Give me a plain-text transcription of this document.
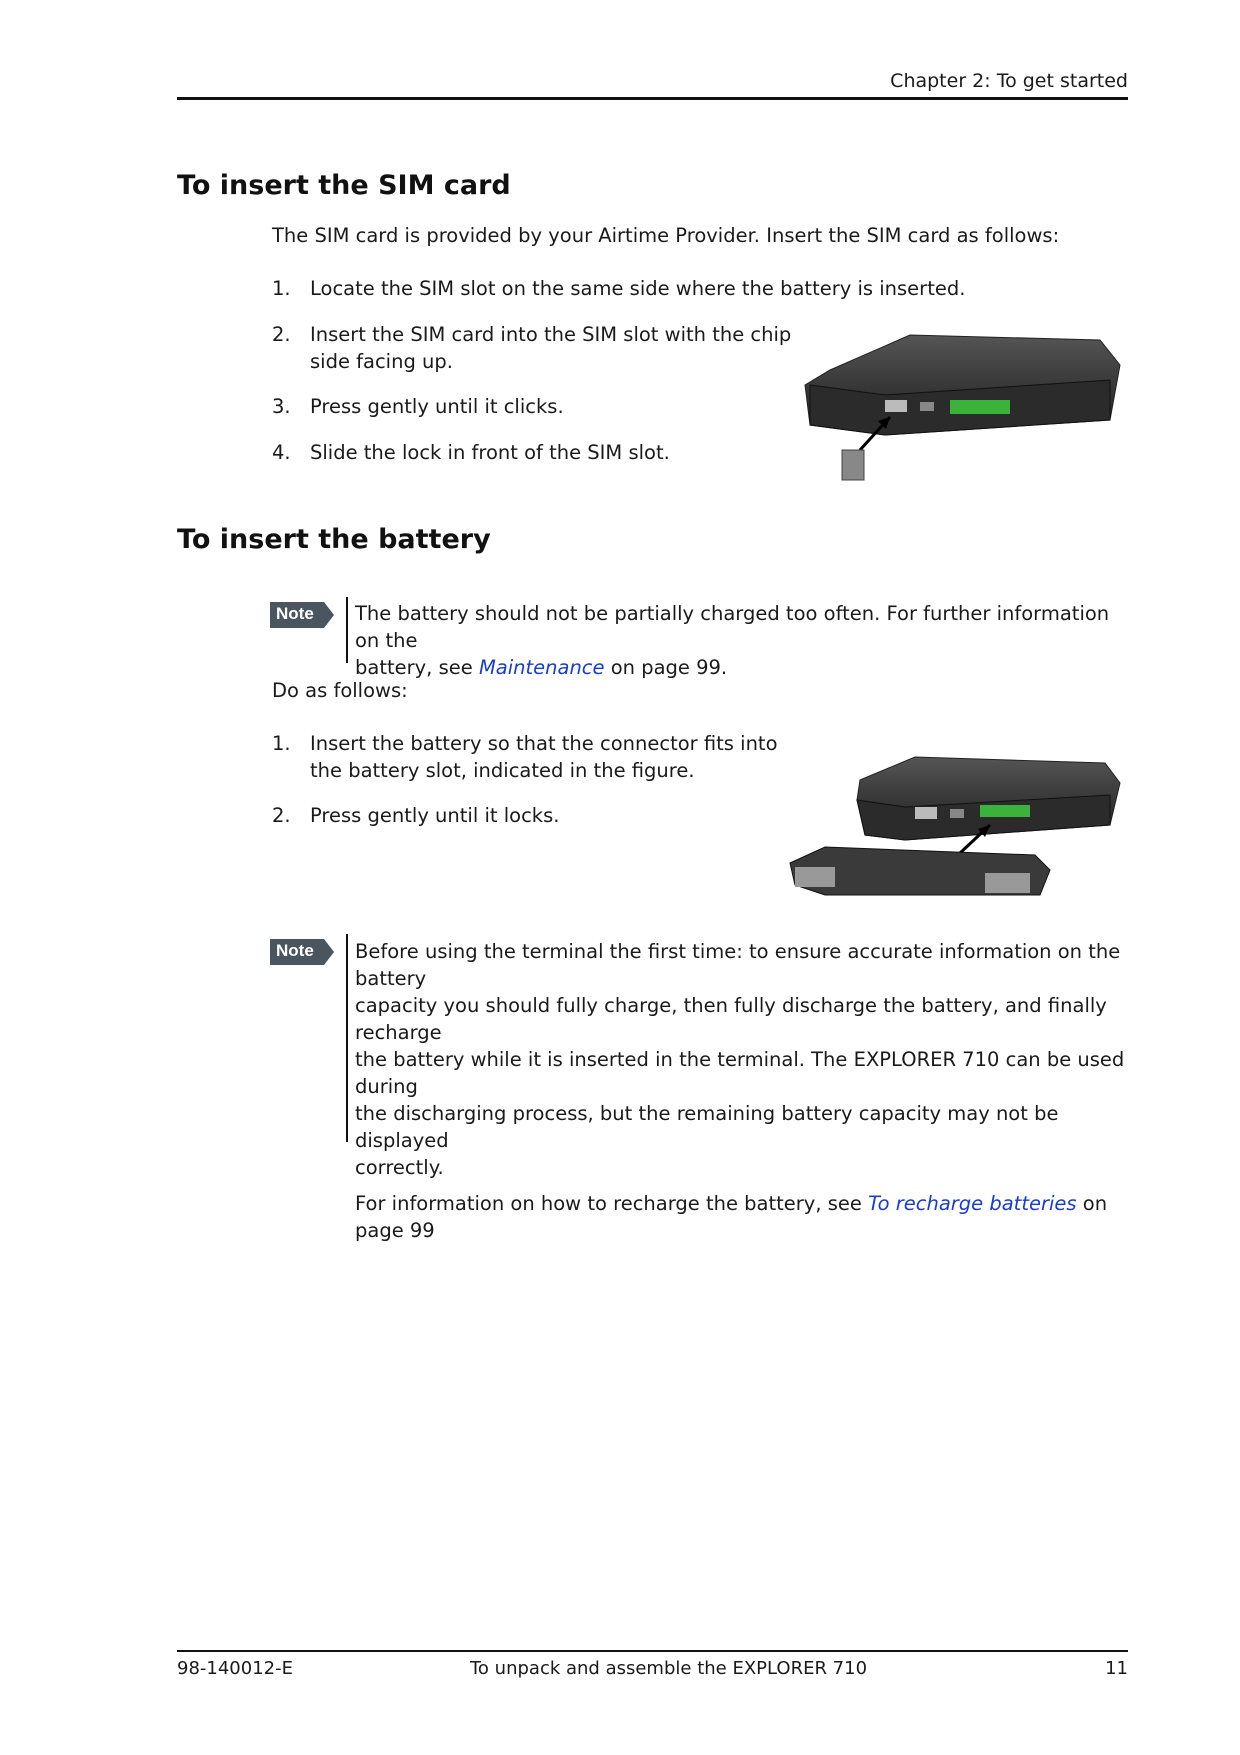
Chapter 2: To get started
To insert the SIM card
The SIM card is provided by your Airtime Provider. Insert the SIM card as follows:
1. Locate the SIM slot on the same side where the battery is inserted.
2. Insert the SIM card into the SIM slot with the chip
side facing up.
3. Press gently until it clicks.
4. Slide the lock in front of the SIM slot.
To insert the battery
Note The battery should not be partially charged too often. For further information on the
battery, see Maintenance on page 99.
Do as follows:
1. Insert the battery so that the connector fits into
the battery slot, indicated in the figure.
2. Press gently until it locks.
Note Before using the terminal the first time: to ensure accurate information on the battery
capacity you should fully charge, then fully discharge the battery, and finally recharge
the battery while it is inserted in the terminal. The EXPLORER 710 can be used during
the discharging process, but the remaining battery capacity may not be displayed
correctly.
For information on how to recharge the battery, see To recharge batteries on
page 99
98-140012-E	To unpack and assemble the EXPLORER 710	11
